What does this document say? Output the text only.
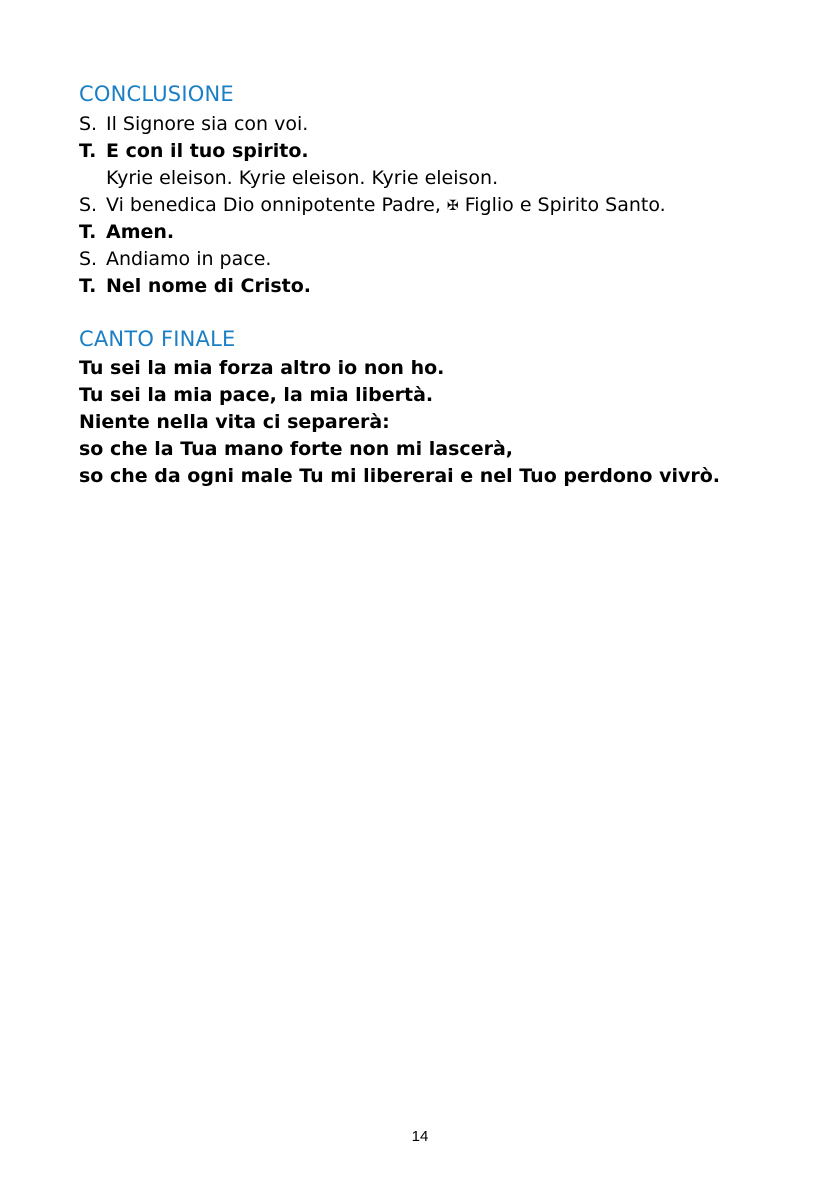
CONCLUSIONE
S. Il Signore sia con voi.
T. E con il tuo spirito.
Kyrie eleison. Kyrie eleison. Kyrie eleison.
S. Vi benedica Dio onnipotente Padre, ✠ Figlio e Spirito Santo.
T. Amen.
S. Andiamo in pace.
T. Nel nome di Cristo.
CANTO FINALE
Tu sei la mia forza altro io non ho.
Tu sei la mia pace, la mia libertà.
Niente nella vita ci separerà:
so che la Tua mano forte non mi lascerà,
so che da ogni male Tu mi libererai e nel Tuo perdono vivrò.
14
